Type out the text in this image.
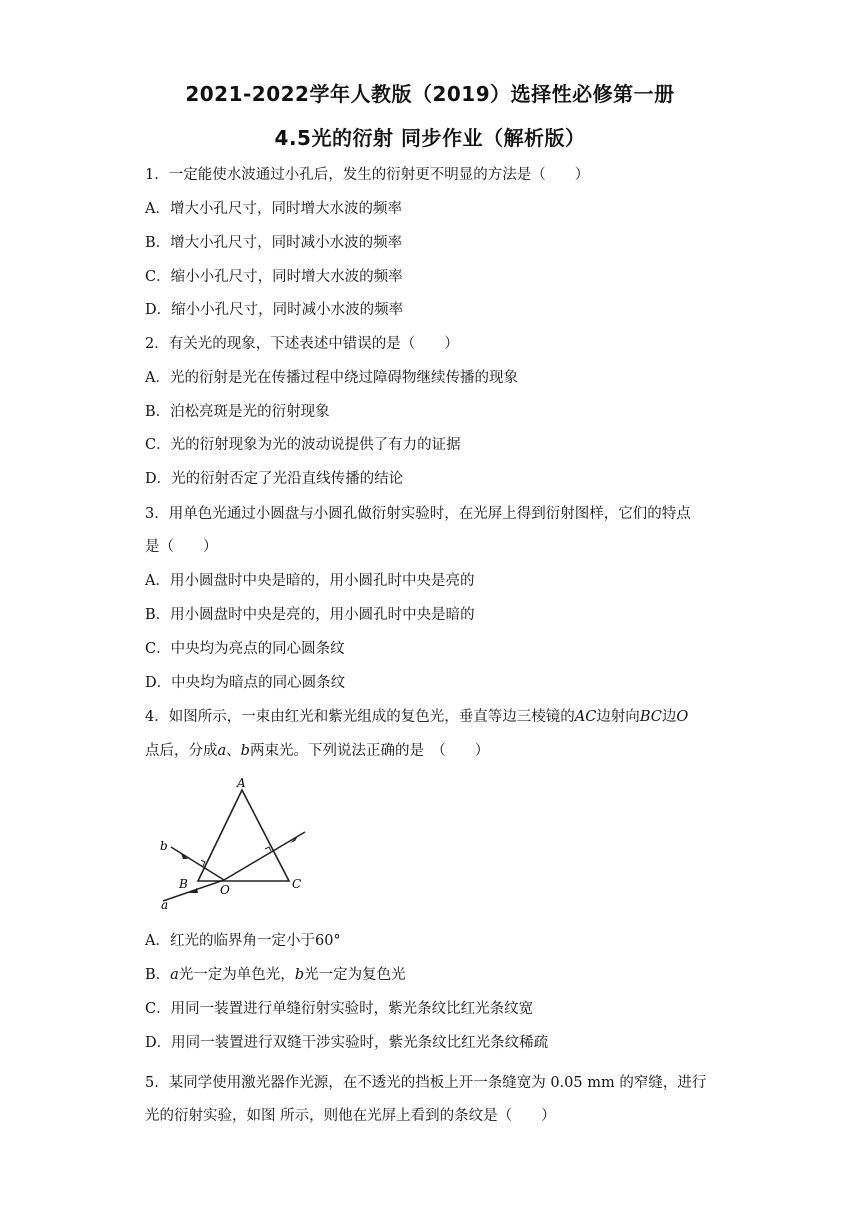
2021-2022学年人教版（2019）选择性必修第一册
4.5光的衍射 同步作业（解析版）
1．一定能使水波通过小孔后，发生的衍射更不明显的方法是（　　）
A．增大小孔尺寸，同时增大水波的频率
B．增大小孔尺寸，同时减小水波的频率
C．缩小小孔尺寸，同时增大水波的频率
D．缩小小孔尺寸，同时减小水波的频率
2．有关光的现象，下述表述中错误的是（　　）
A．光的衍射是光在传播过程中绕过障碍物继续传播的现象
B．泊松亮斑是光的衍射现象
C．光的衍射现象为光的波动说提供了有力的证据
D．光的衍射否定了光沿直线传播的结论
3．用单色光通过小圆盘与小圆孔做衍射实验时，在光屏上得到衍射图样，它们的特点
是（　　）
A．用小圆盘时中央是暗的，用小圆孔时中央是亮的
B．用小圆盘时中央是亮的，用小圆孔时中央是暗的
C．中央均为亮点的同心圆条纹
D．中央均为暗点的同心圆条纹
4．如图所示，一束由红光和紫光组成的复色光，垂直等边三棱镜的AC边射向BC边O
点后，分成a、b两束光。下列说法正确的是　（　　）
A
B	C
O
b
a
A．红光的临界角一定小于60°
B．a光一定为单色光，b光一定为复色光
C．用同一装置进行单缝衍射实验时，紫光条纹比红光条纹宽
D．用同一装置进行双缝干涉实验时，紫光条纹比红光条纹稀疏
5．某同学使用激光器作光源，在不透光的挡板上开一条缝宽为 0.05 mm 的窄缝，进行
光的衍射实验，如图 所示，则他在光屏上看到的条纹是（　　）
